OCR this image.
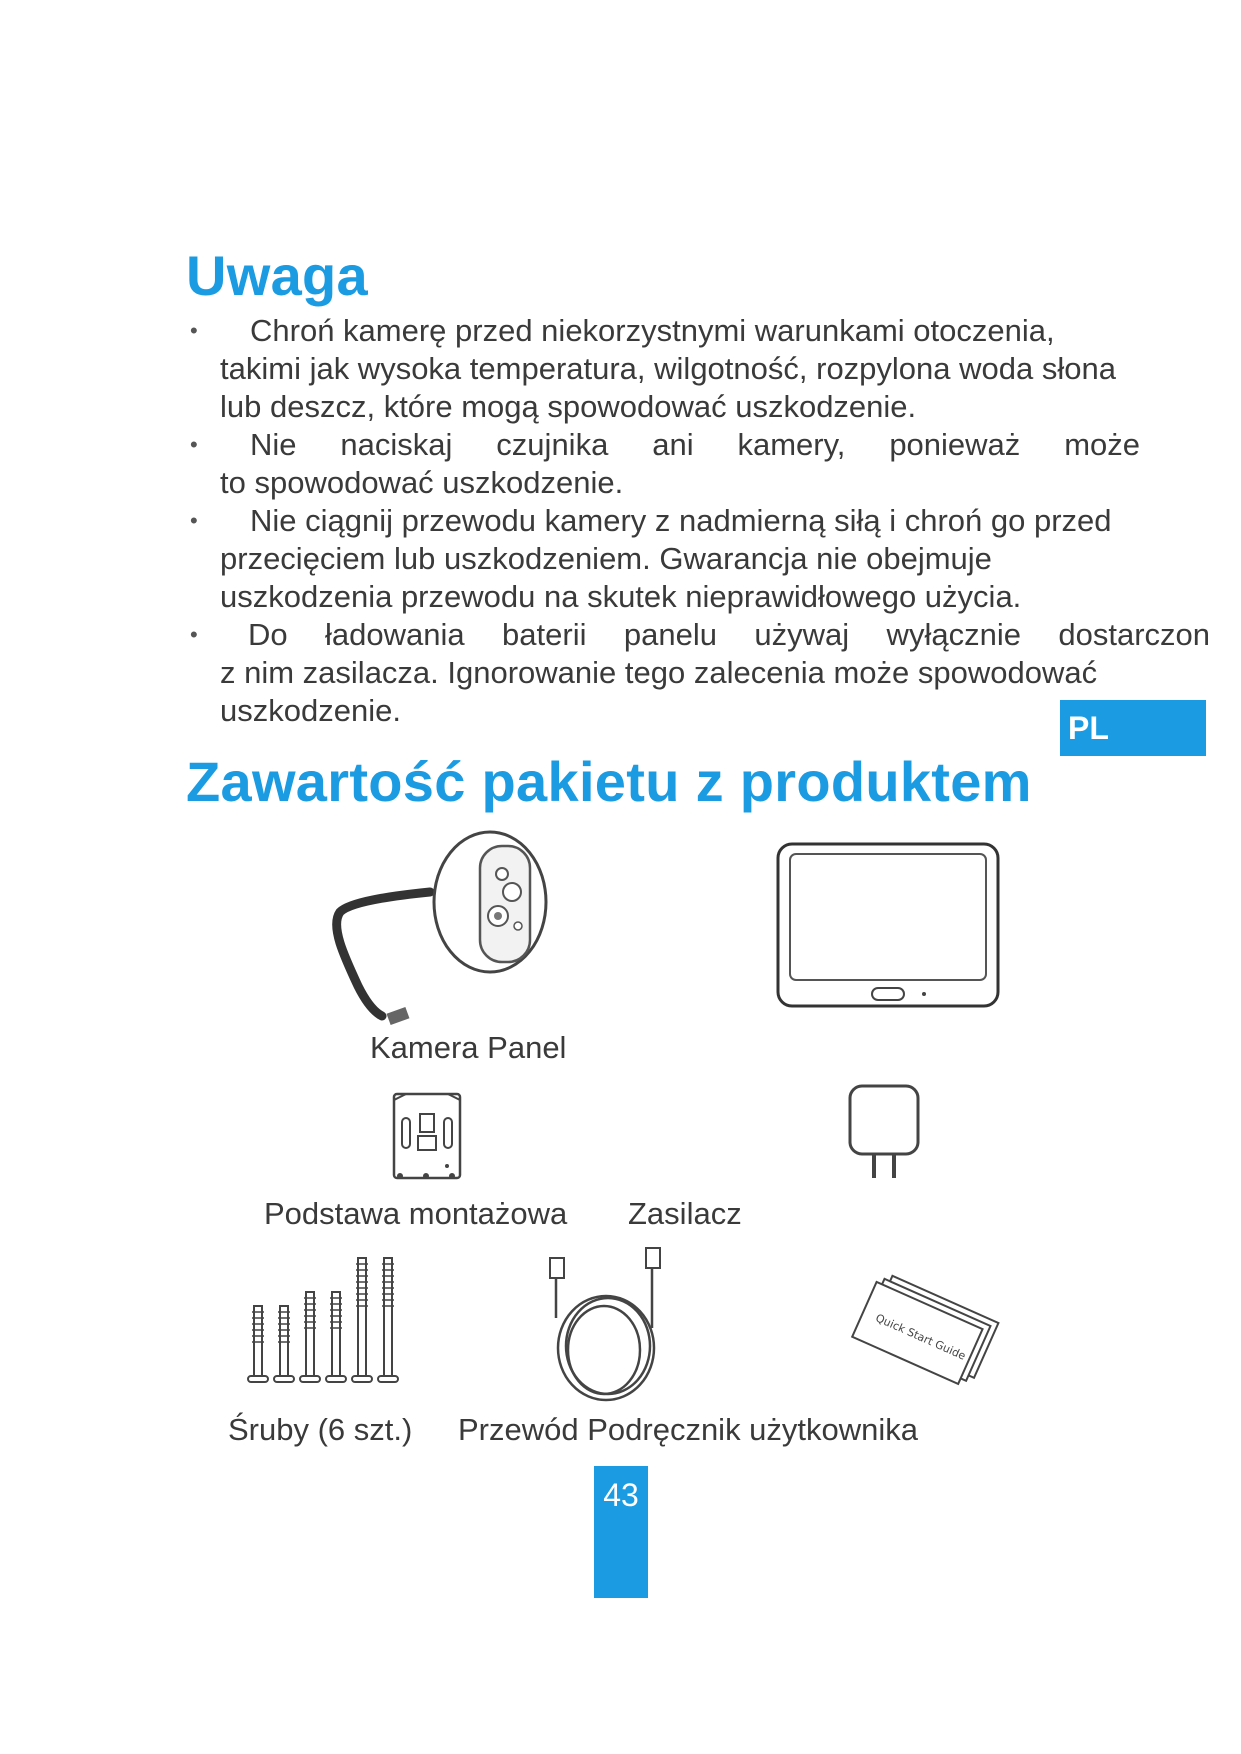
Uwaga
•	Chroń kamerę przed niekorzystnymi warunkami otoczenia,
takimi jak wysoka temperatura, wilgotność, rozpylona woda słona lub deszcz, które mogą spowodować uszkodzenie.
•	Nie naciskaj czujnika ani kamery, ponieważ może
to spowodować uszkodzenie.
•	Nie ciągnij przewodu kamery z nadmierną siłą i chroń go przed
przecięciem lub uszkodzeniem. Gwarancja nie obejmuje uszkodzenia przewodu na skutek nieprawidłowego użycia.
•	Do ładowania baterii panelu używaj wyłącznie dostarczon
z nim zasilacza. Ignorowanie tego zalecenia może spowodować uszkodzenie.	PL
Zawartość pakietu z produktem
Kamera Panel
Podstawa montażowa Zasilacz
Quick Start Guide
Śruby (6 szt.) Przewód Podręcznik użytkownika
43
